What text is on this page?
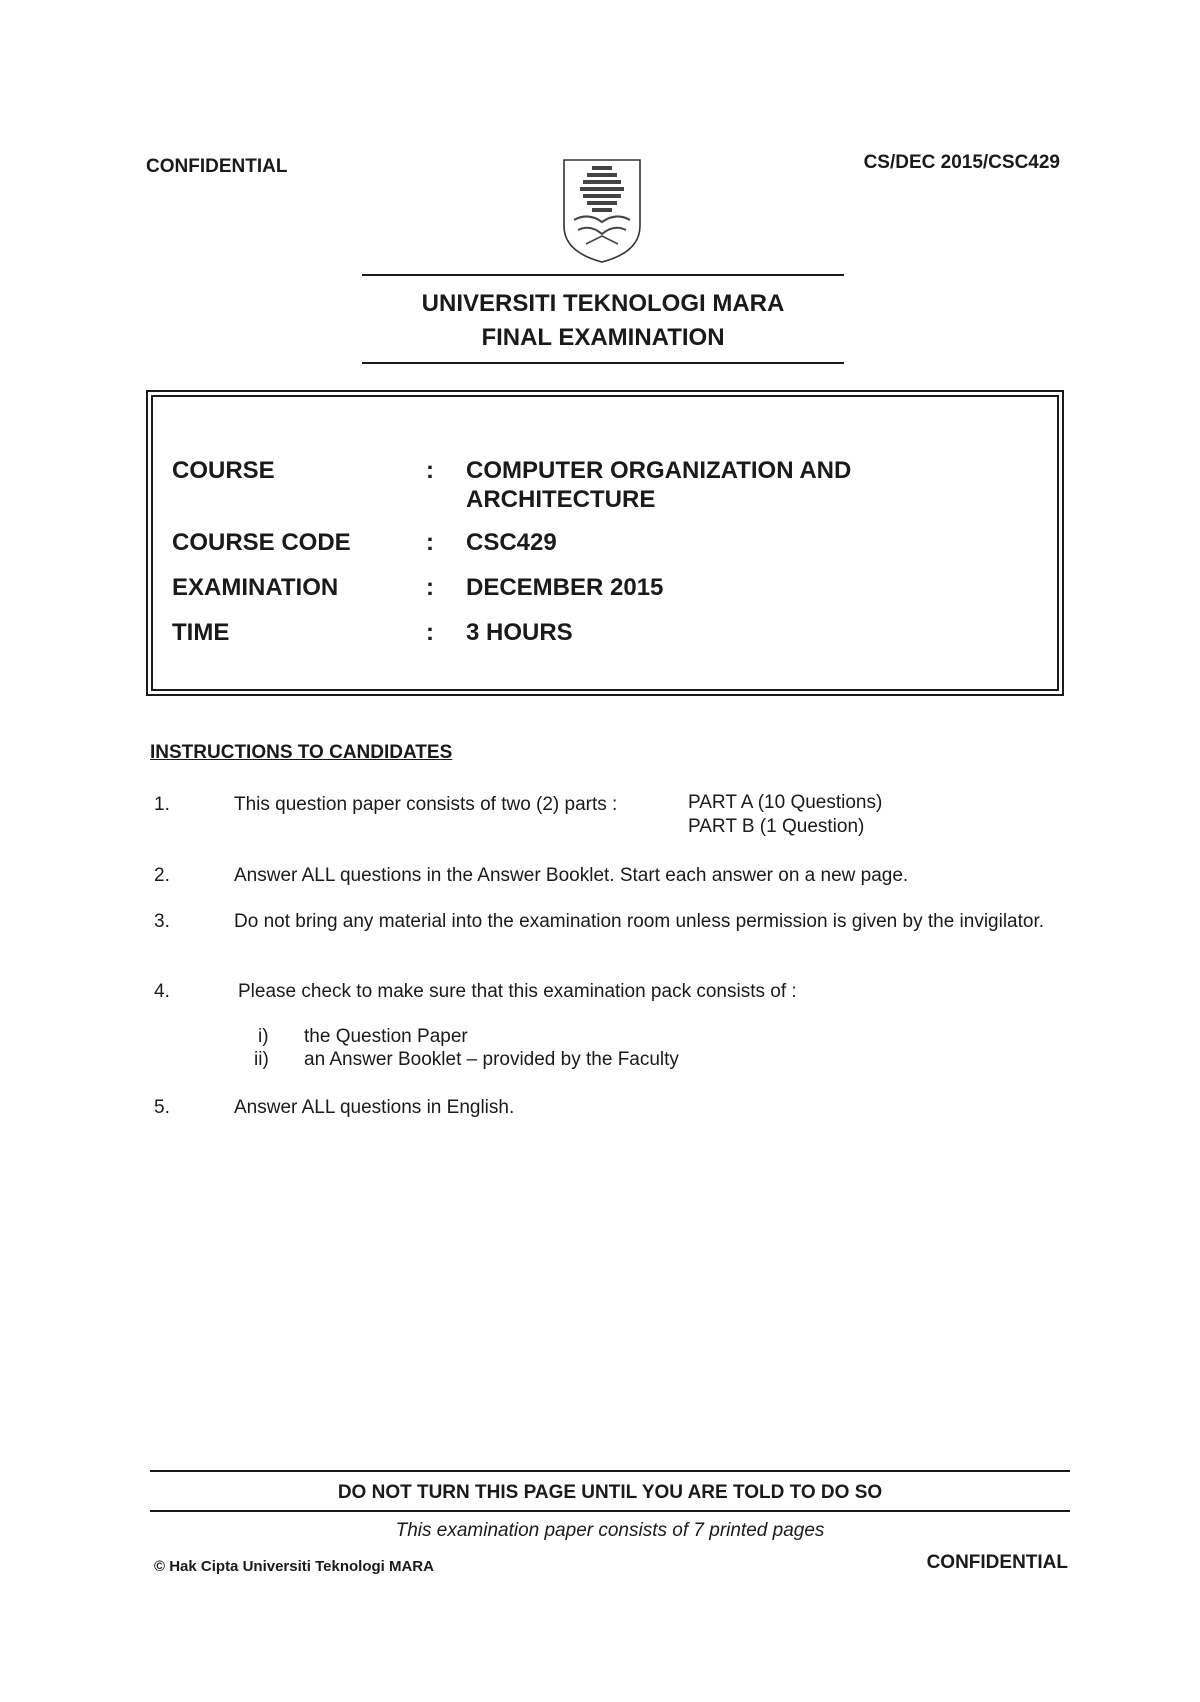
CONFIDENTIAL	CS/DEC 2015/CSC429
UNIVERSITI TEKNOLOGI MARA
FINAL EXAMINATION
COURSE	: COMPUTER ORGANIZATION AND ARCHITECTURE
COURSE CODE	: CSC429
EXAMINATION	: DECEMBER 2015
TIME	: 3 HOURS
INSTRUCTIONS TO CANDIDATES
1.	This question paper consists of two (2) parts :	PART A (10 Questions)
PART B (1 Question)
2.	Answer ALL questions in the Answer Booklet. Start each answer on a new page.
3.	Do not bring any material into the examination room unless permission is given by the invigilator.
4.	Please check to make sure that this examination pack consists of :
i) the Question Paper
ii) an Answer Booklet – provided by the Faculty
5.	Answer ALL questions in English.
DO NOT TURN THIS PAGE UNTIL YOU ARE TOLD TO DO SO
This examination paper consists of 7 printed pages
© Hak Cipta Universiti Teknologi MARA	CONFIDENTIAL
